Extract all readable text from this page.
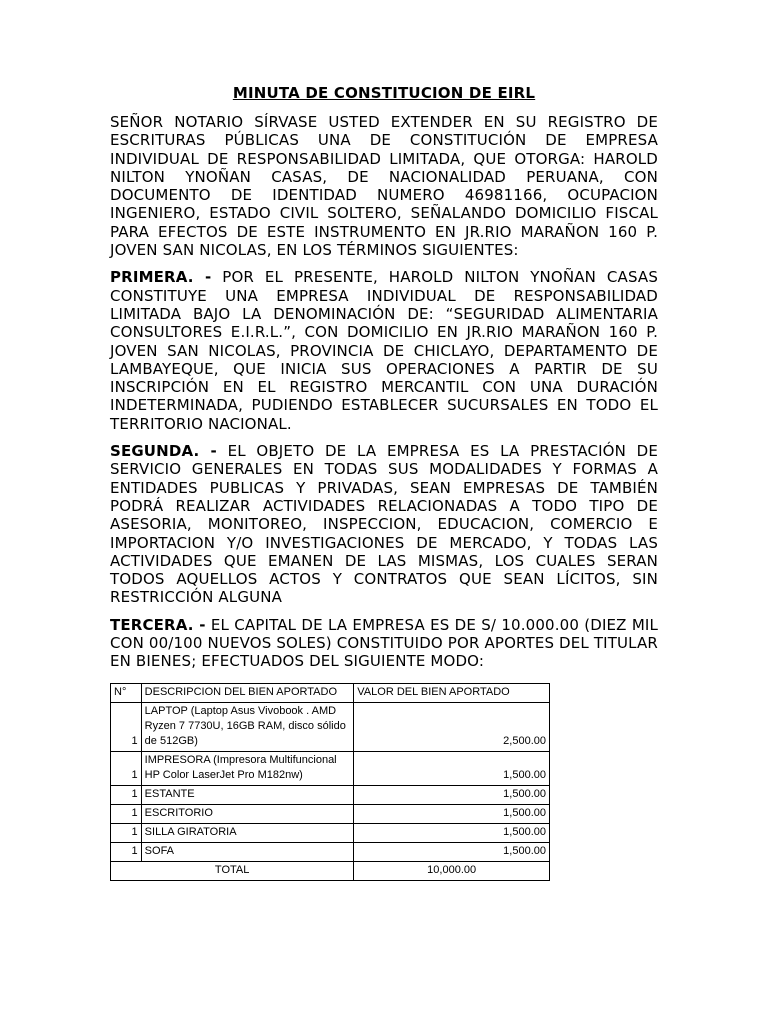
MINUTA DE CONSTITUCION DE EIRL

SEÑOR NOTARIO SÍRVASE USTED EXTENDER EN SU REGISTRO DE ESCRITURAS PÚBLICAS UNA DE CONSTITUCIÓN DE EMPRESA INDIVIDUAL DE RESPONSABILIDAD LIMITADA, QUE OTORGA: HAROLD NILTON YNOÑAN CASAS, DE NACIONALIDAD PERUANA, CON DOCUMENTO DE IDENTIDAD NUMERO 46981166, OCUPACION INGENIERO, ESTADO CIVIL SOLTERO, SEÑALANDO DOMICILIO FISCAL PARA EFECTOS DE ESTE INSTRUMENTO EN JR.RIO MARAÑON 160 P. JOVEN SAN NICOLAS, EN LOS TÉRMINOS SIGUIENTES:

PRIMERA. - POR EL PRESENTE, HAROLD NILTON YNOÑAN CASAS CONSTITUYE UNA EMPRESA INDIVIDUAL DE RESPONSABILIDAD LIMITADA BAJO LA DENOMINACIÓN DE: “SEGURIDAD ALIMENTARIA CONSULTORES E.I.R.L.”, CON DOMICILIO EN JR.RIO MARAÑON 160 P. JOVEN SAN NICOLAS, PROVINCIA DE CHICLAYO, DEPARTAMENTO DE LAMBAYEQUE, QUE INICIA SUS OPERACIONES A PARTIR DE SU INSCRIPCIÓN EN EL REGISTRO MERCANTIL CON UNA DURACIÓN INDETERMINADA, PUDIENDO ESTABLECER SUCURSALES EN TODO EL TERRITORIO NACIONAL.

SEGUNDA. - EL OBJETO DE LA EMPRESA ES LA PRESTACIÓN DE SERVICIO GENERALES EN TODAS SUS MODALIDADES Y FORMAS A ENTIDADES PUBLICAS Y PRIVADAS, SEAN EMPRESAS DE TAMBIÉN PODRÁ REALIZAR ACTIVIDADES RELACIONADAS A TODO TIPO DE ASESORIA, MONITOREO, INSPECCION, EDUCACION, COMERCIO E IMPORTACION Y/O INVESTIGACIONES DE MERCADO, Y TODAS LAS ACTIVIDADES QUE EMANEN DE LAS MISMAS, LOS CUALES SERAN TODOS AQUELLOS ACTOS Y CONTRATOS QUE SEAN LÍCITOS, SIN RESTRICCIÓN ALGUNA

TERCERA. - EL CAPITAL DE LA EMPRESA ES DE S/ 10.000.00 (DIEZ MIL CON 00/100 NUEVOS SOLES) CONSTITUIDO POR APORTES DEL TITULAR EN BIENES; EFECTUADOS DEL SIGUIENTE MODO:

N°	DESCRIPCION DEL BIEN APORTADO	VALOR DEL BIEN APORTADO
1	LAPTOP (Laptop Asus Vivobook . AMD Ryzen 7 7730U, 16GB RAM, disco sólido de 512GB)	2,500.00
1	IMPRESORA (Impresora Multifuncional HP Color LaserJet Pro M182nw)	1,500.00
1	ESTANTE	1,500.00
1	ESCRITORIO	1,500.00
1	SILLA GIRATORIA	1,500.00
1	SOFA	1,500.00
TOTAL		10,000.00
